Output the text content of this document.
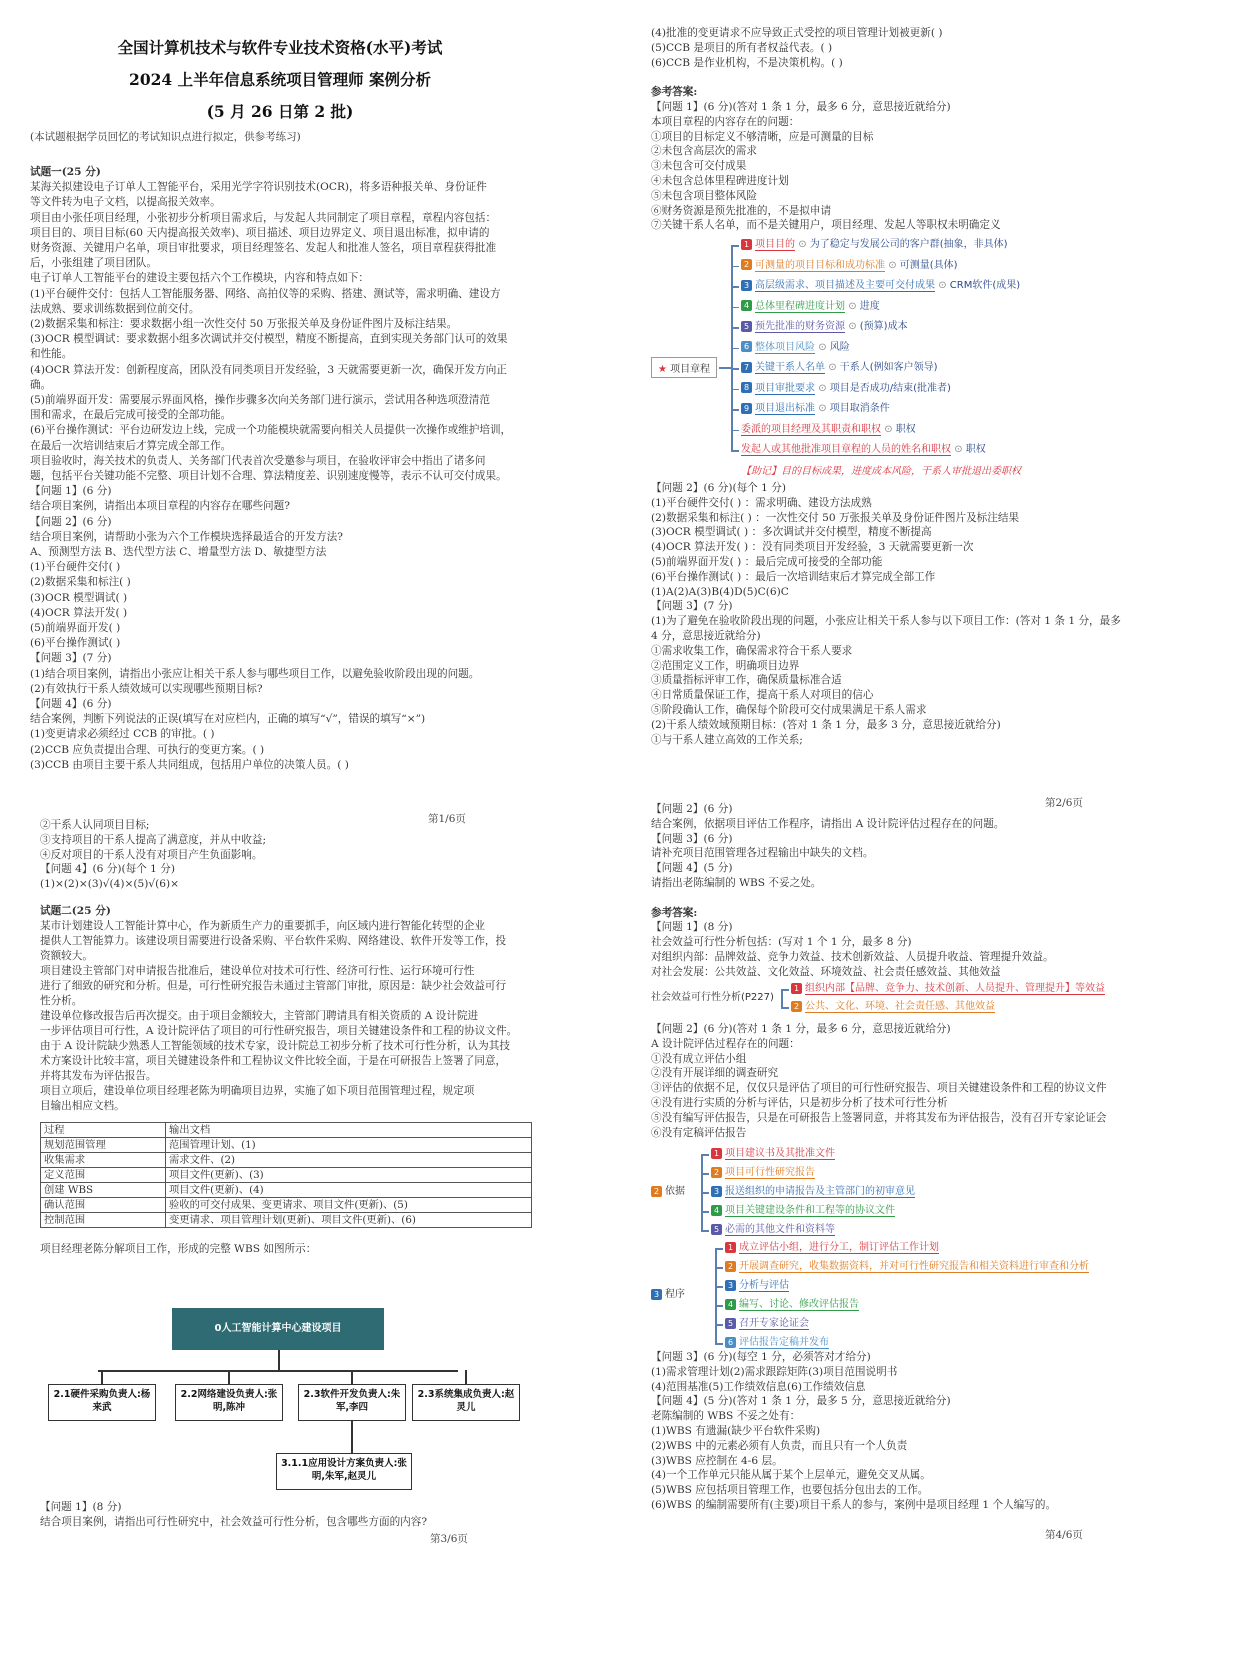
全国计算机技术与软件专业技术资格(水平)考试
2024 上半年信息系统项目管理师 案例分析
(5 月 26 日第 2 批)
(本试题根据学员回忆的考试知识点进行拟定，供参考练习)
试题一(25 分)
某海关拟建设电子订单人工智能平台，采用光学字符识别技术(OCR)，将多语种报关单、身份证件
等文件转为电子文档，以提高报关效率。
项目由小张任项目经理，小张初步分析项目需求后，与发起人共同制定了项目章程，章程内容包括：
项目目的、项目目标(60 天内提高报关效率)、项目描述、项目边界定义、项目退出标准，拟申请的
财务资源、关键用户名单，项目审批要求，项目经理签名、发起人和批准人签名，项目章程获得批准
后，小张组建了项目团队。
电子订单人工智能平台的建设主要包括六个工作模块，内容和特点如下：
(1)平台硬件交付：包括人工智能服务器、网络、高拍仪等的采购、搭建、测试等，需求明确、建设方
法成熟、要求训练数据到位前交付。
(2)数据采集和标注：要求数据小组一次性交付 50 万张报关单及身份证件图片及标注结果。
(3)OCR 模型调试：要求数据小组多次调试并交付模型，精度不断提高，直到实现关务部门认可的效果
和性能。
(4)OCR 算法开发：创新程度高，团队没有同类项目开发经验，3 天就需要更新一次，确保开发方向正
确。
(5)前端界面开发：需要展示界面风格，操作步骤多次向关务部门进行演示，尝试用各种选项澄清范
围和需求，在最后完成可接受的全部功能。
(6)平台操作测试：平台边研发边上线，完成一个功能模块就需要向相关人员提供一次操作或维护培训，
在最后一次培训结束后才算完成全部工作。
项目验收时，海关技术的负责人、关务部门代表首次受邀参与项目，在验收评审会中指出了诸多问
题，包括平台关键功能不完整、项目计划不合理、算法精度差、识别速度慢等，表示不认可交付成果。
【问题 1】(6 分)
结合项目案例，请指出本项目章程的内容存在哪些问题?
【问题 2】(6 分)
结合项目案例，请帮助小张为六个工作模块选择最适合的开发方法?
A、预测型方法 B、迭代型方法 C、增量型方法 D、敏捷型方法
(1)平台硬件交付( )
(2)数据采集和标注( )
(3)OCR 模型调试( )
(4)OCR 算法开发( )
(5)前端界面开发( )
(6)平台操作测试( )
【问题 3】(7 分)
(1)结合项目案例，请指出小张应让相关干系人参与哪些项目工作，以避免验收阶段出现的问题。
(2)有效执行干系人绩效域可以实现哪些预期目标?
【问题 4】(6 分)
结合案例，判断下列说法的正误(填写在对应栏内，正确的填写“√”，错误的填写“×”)
(1)变更请求必须经过 CCB 的审批。( )
(2)CCB 应负责提出合理、可执行的变更方案。( )
(3)CCB 由项目主要干系人共同组成，包括用户单位的决策人员。( )
第1/6页
(4)批准的变更请求不应导致正式受控的项目管理计划被更新( )
(5)CCB 是项目的所有者权益代表。( )
(6)CCB 是作业机构，不是决策机构。( )
参考答案:
【问题 1】(6 分)(答对 1 条 1 分，最多 6 分，意思接近就给分)
本项目章程的内容存在的问题：
①项目的目标定义不够清晰，应是可测量的目标
②未包含高层次的需求
③未包含可交付成果
④未包含总体里程碑进度计划
⑤未包含项目整体风险
⑥财务资源是预先批准的，不是拟申请
⑦关键干系人名单，而不是关键用户，项目经理、发起人等职权未明确定义
★ 项目章程
1 项目目的 ⊙ 为了稳定与发展公司的客户群(抽象，非具体)
2 可测量的项目目标和成功标准 ⊙ 可测量(具体)
3 高层级需求、项目描述及主要可交付成果 ⊙ CRM软件(成果)
4 总体里程碑进度计划 ⊙ 进度
5 预先批准的财务资源 ⊙ (预算)成本
6 整体项目风险 ⊙ 风险
7 关键干系人名单 ⊙ 干系人(例如客户领导)
8 项目审批要求 ⊙ 项目是否成功/结束(批准者)
9 项目退出标准 ⊙ 项目取消条件
委派的项目经理及其职责和职权 ⊙ 职权
发起人或其他批准项目章程的人员的姓名和职权 ⊙ 职权
【助记】目的目标成果，进度成本风险，干系人审批退出委职权
【问题 2】(6 分)(每个 1 分)
(1)平台硬件交付( ) ：需求明确、建设方法成熟
(2)数据采集和标注( ) ：一次性交付 50 万张报关单及身份证件图片及标注结果
(3)OCR 模型调试( ) ：多次调试并交付模型，精度不断提高
(4)OCR 算法开发( ) ：没有同类项目开发经验，3 天就需要更新一次
(5)前端界面开发( ) ：最后完成可接受的全部功能
(6)平台操作测试( ) ：最后一次培训结束后才算完成全部工作
(1)A(2)A(3)B(4)D(5)C(6)C
【问题 3】(7 分)
(1)为了避免在验收阶段出现的问题，小张应让相关干系人参与以下项目工作：(答对 1 条 1 分，最多
4 分，意思接近就给分)
①需求收集工作，确保需求符合干系人要求
②范围定义工作，明确项目边界
③质量指标评审工作，确保质量标准合适
④日常质量保证工作，提高干系人对项目的信心
⑤阶段确认工作，确保每个阶段可交付成果满足干系人需求
(2)干系人绩效域预期目标：(答对 1 条 1 分，最多 3 分，意思接近就给分)
①与干系人建立高效的工作关系;
第2/6页
②干系人认同项目目标;
③支持项目的干系人提高了满意度，并从中收益;
④反对项目的干系人没有对项目产生负面影响。
【问题 4】(6 分)(每个 1 分)
(1)×(2)×(3)√(4)×(5)√(6)×
试题二(25 分)
某市计划建设人工智能计算中心，作为新质生产力的重要抓手，向区域内进行智能化转型的企业
提供人工智能算力。该建设项目需要进行设备采购、平台软件采购、网络建设、软件开发等工作，投
资额较大。
项目建设主管部门对申请报告批准后，建设单位对技术可行性、经济可行性、运行环境可行性
进行了细致的研究和分析。但是，可行性研究报告未通过主管部门审批，原因是：缺少社会效益可行
性分析。
建设单位修改报告后再次提交。由于项目金额较大，主管部门聘请具有相关资质的 A 设计院进
一步评估项目可行性，A 设计院评估了项目的可行性研究报告，项目关键建设条件和工程的协议文件。
由于 A 设计院缺少熟悉人工智能领域的技术专家，设计院总工初步分析了技术可行性分析，认为其技
术方案设计比较丰富，项目关键建设条件和工程协议文件比较全面，于是在可研报告上签署了同意，
并将其发布为评估报告。
项目立项后，建设单位项目经理老陈为明确项目边界，实施了如下项目范围管理过程，规定项
目输出相应文档。
过程	输出文档
规划范围管理	范围管理计划、(1)
收集需求	需求文件、(2)
定义范围	项目文件(更新)、(3)
创建 WBS	项目文件(更新)、(4)
确认范围	验收的可交付成果、变更请求、项目文件(更新)、(5)
控制范围	变更请求、项目管理计划(更新)、项目文件(更新)、(6)
项目经理老陈分解项目工作，形成的完整 WBS 如图所示：
0人工智能计算中心建设项目
2.1硬件采购负责人:杨
来武
2.2网络建设负责人:张
明,陈冲
2.3软件开发负责人:朱
军,李四
2.3系统集成负责人:赵
灵儿
3.1.1应用设计方案负责人:张
明,朱军,赵灵儿
【问题 1】(8 分)
结合项目案例，请指出可行性研究中，社会效益可行性分析，包含哪些方面的内容?
第3/6页
【问题 2】(6 分)
结合案例，依据项目评估工作程序，请指出 A 设计院评估过程存在的问题。
【问题 3】(6 分)
请补充项目范围管理各过程输出中缺失的文档。
【问题 4】(5 分)
请指出老陈编制的 WBS 不妥之处。
参考答案:
【问题 1】(8 分)
社会效益可行性分析包括：(写对 1 个 1 分，最多 8 分)
对组织内部：品牌效益、竞争力效益、技术创新效益、人员提升收益、管理提升效益。
对社会发展：公共效益、文化效益、环境效益、社会责任感效益、其他效益
社会效益可行性分析(P227)
1 组织内部【品牌、竞争力、技术创新、人员提升、管理提升】等效益
2 公共、文化、环境、社会责任感、其他效益
【问题 2】(6 分)(答对 1 条 1 分，最多 6 分，意思接近就给分)
A 设计院评估过程存在的问题：
①没有成立评估小组
②没有开展详细的调查研究
③评估的依据不足，仅仅只是评估了项目的可行性研究报告、项目关键建设条件和工程的协议文件
④没有进行实质的分析与评估，只是初步分析了技术可行性分析
⑤没有编写评估报告，只是在可研报告上签署同意，并将其发布为评估报告，没有召开专家论证会
⑥没有定稿评估报告
2 依据
1 项目建议书及其批准文件
2 项目可行性研究报告
3 报送组织的申请报告及主管部门的初审意见
4 项目关键建设条件和工程等的协议文件
5 必需的其他文件和资料等
3 程序
1 成立评估小组，进行分工，制订评估工作计划
2 开展调查研究，收集数据资料，并对可行性研究报告和相关资料进行审查和分析
3 分析与评估
4 编写、讨论、修改评估报告
5 召开专家论证会
6 评估报告定稿并发布
【问题 3】(6 分)(每空 1 分，必须答对才给分)
(1)需求管理计划(2)需求跟踪矩阵(3)项目范围说明书
(4)范围基准(5)工作绩效信息(6)工作绩效信息
【问题 4】(5 分)(答对 1 条 1 分，最多 5 分，意思接近就给分)
老陈编制的 WBS 不妥之处有：
(1)WBS 有遗漏(缺少平台软件采购)
(2)WBS 中的元素必须有人负责，而且只有一个人负责
(3)WBS 应控制在 4-6 层。
(4)一个工作单元只能从属于某个上层单元，避免交叉从属。
(5)WBS 应包括项目管理工作，也要包括分包出去的工作。
(6)WBS 的编制需要所有(主要)项目干系人的参与，案例中是项目经理 1 个人编写的。
第4/6页
